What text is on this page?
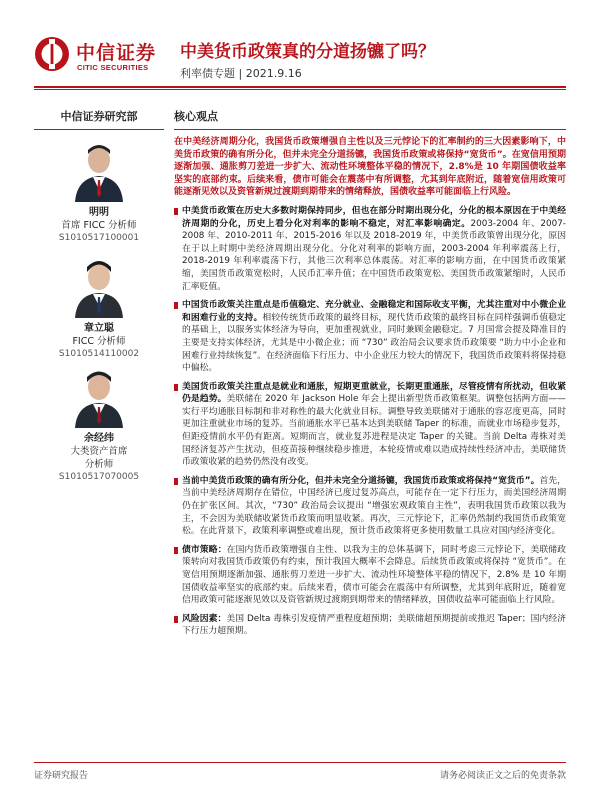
中信证券
CITIC SECURITIES
中美货币政策真的分道扬镳了吗？
利率债专题 | 2021.9.16
中信证券研究部
明明
首席 FICC 分析师
S1010517100001
章立聪
FICC 分析师
S1010514110002
余经纬
大类资产首席
分析师
S1010517070005
核心观点

在中美经济周期分化，我国货币政策增强自主性以及三元悖论下的汇率制约的三大因素影响下，中美货币政策的确有所分化，但并未完全分道扬镳，我国货币政策或将保持“宽货币”。在宽信用预期逐渐加强、通胀剪刀差进一步扩大、流动性环境整体平稳的情况下，2.8%是 10 年期国债收益率坚实的底部约束。后续来看，债市可能会在震荡中有所调整，尤其到年底附近，随着宽信用政策可能逐渐见效以及资管新规过渡期到期带来的情绪释放，国债收益率可能面临上行风险。

中美货币政策在历史大多数时期保持同步，但也在部分时期出现分化，分化的根本原因在于中美经济周期的分化，历史上看分化对利率的影响不稳定，对汇率影响确定。2003-2004 年、2007-2008 年、2010-2011 年、2015-2016 年以及 2018-2019 年，中美货币政策曾出现分化，原因在于以上时期中美经济周期出现分化。分化对利率的影响方面，2003-2004 年利率震荡上行，2018-2019 年利率震荡下行，其他三次利率总体震荡。对汇率的影响方面，在中国货币政策紧缩，美国货币政策宽松时，人民币汇率升值；在中国货币政策宽松、美国货币政策紧缩时，人民币汇率贬值。

中国货币政策关注重点是币值稳定、充分就业、金融稳定和国际收支平衡，尤其注重对中小微企业和困难行业的支持。相较传统货币政策的最终目标，现代货币政策的最终目标在同样强调币值稳定的基础上，以服务实体经济为导向，更加重视就业，同时兼顾金融稳定。7 月国常会提及降准目的主要是支持实体经济，尤其是中小微企业；而 “730” 政治局会议要求货币政策要 “助力中小企业和困难行业持续恢复”。在经济面临下行压力、中小企业压力较大的情况下，我国货币政策料将保持稳中偏松。

美国货币政策关注重点是就业和通胀，短期更重就业，长期更重通胀，尽管疫情有所扰动，但收紧仍是趋势。美联储在 2020 年 Jackson Hole 年会上提出新型货币政策框架。调整包括两方面——实行平均通胀目标制和非对称性的最大化就业目标。调整导致美联储对于通胀的容忍度更高，同时更加注重就业市场的复苏。当前通胀水平已基本达到美联储 Taper 的标准，而就业市场稳步复苏，但距疫情前水平仍有距离。短期而言，就业复苏进程是决定 Taper 的关键。当前 Delta 毒株对美国经济复苏产生扰动，但疫苗接种继续稳步推进，本轮疫情或难以造成持续性经济冲击，美联储货币政策收紧的趋势仍然没有改变。

当前中美货币政策的确有所分化，但并未完全分道扬镳，我国货币政策或将保持“宽货币”。首先，当前中美经济周期存在错位，中国经济已度过复苏高点，可能存在一定下行压力，而美国经济周期仍在扩张区间。其次，“730” 政治局会议提出 “增强宏观政策自主性”，表明我国货币政策以我为主，不会因为美联储收紧货币政策而明显收紧。再次，三元悖论下，汇率仍然制约我国货币政策宽松。在此背景下，政策利率调整或难出现，预计货币政策将更多使用数量工具应对国内经济变化。

债市策略：在国内货币政策增强自主性、以我为主的总体基调下，同时考虑三元悖论下，美联储政策转向对我国货币政策仍有约束，预计我国大概率不会降息。后续货币政策或将保持 “宽货币”。在宽信用预期逐渐加强、通胀剪刀差进一步扩大、流动性环境整体平稳的情况下，2.8% 是 10 年期国债收益率坚实的底部约束。后续来看，债市可能会在震荡中有所调整，尤其到年底附近，随着宽信用政策可能逐渐见效以及资管新规过渡期到期带来的情绪释放，国债收益率可能面临上行风险。

风险因素：美国 Delta 毒株引发疫情严重程度超预期；美联储超预期提前或推迟 Taper；国内经济下行压力超预期。

证券研究报告	请务必阅读正文之后的免责条款
